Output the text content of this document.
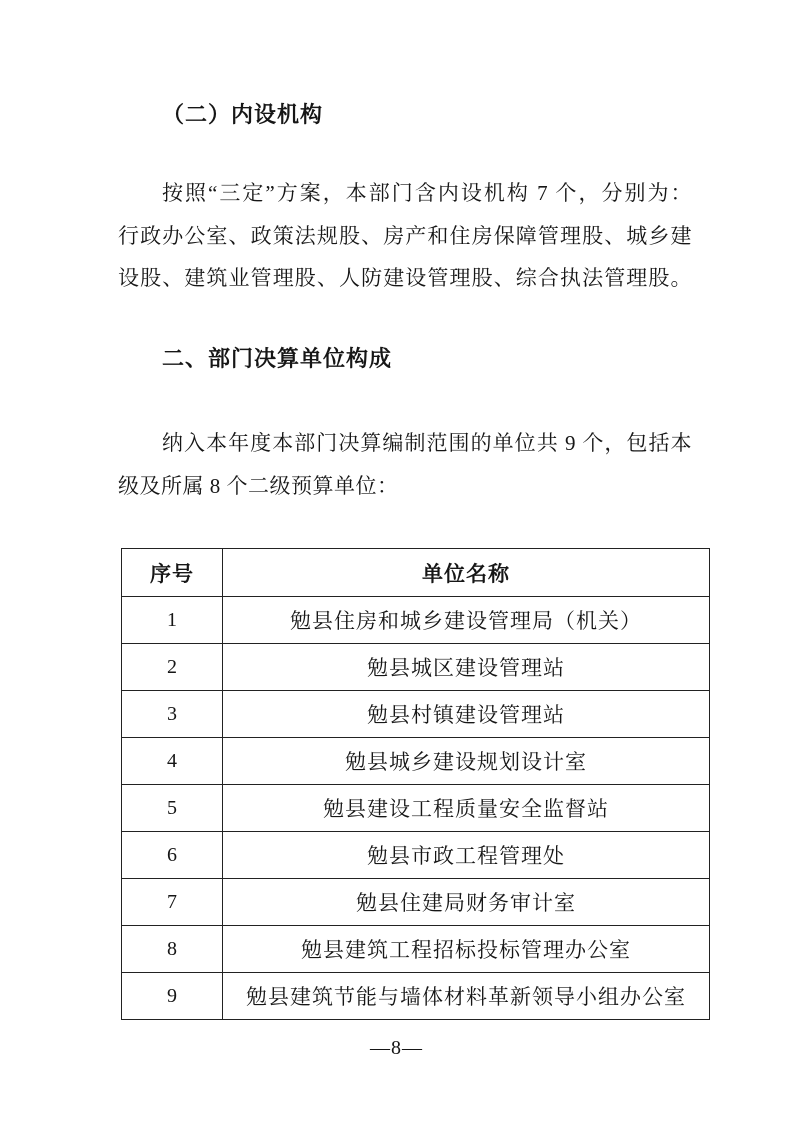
（二）内设机构
按照“三定”方案，本部门含内设机构 7 个，分别为：
行政办公室、政策法规股、房产和住房保障管理股、城乡建
设股、建筑业管理股、人防建设管理股、综合执法管理股。
二、部门决算单位构成
纳入本年度本部门决算编制范围的单位共 9 个，包括本
级及所属 8 个二级预算单位：
序号	单位名称
1	勉县住房和城乡建设管理局（机关）
2	勉县城区建设管理站
3	勉县村镇建设管理站
4	勉县城乡建设规划设计室
5	勉县建设工程质量安全监督站
6	勉县市政工程管理处
7	勉县住建局财务审计室
8	勉县建筑工程招标投标管理办公室
9	勉县建筑节能与墙体材料革新领导小组办公室
—8—
